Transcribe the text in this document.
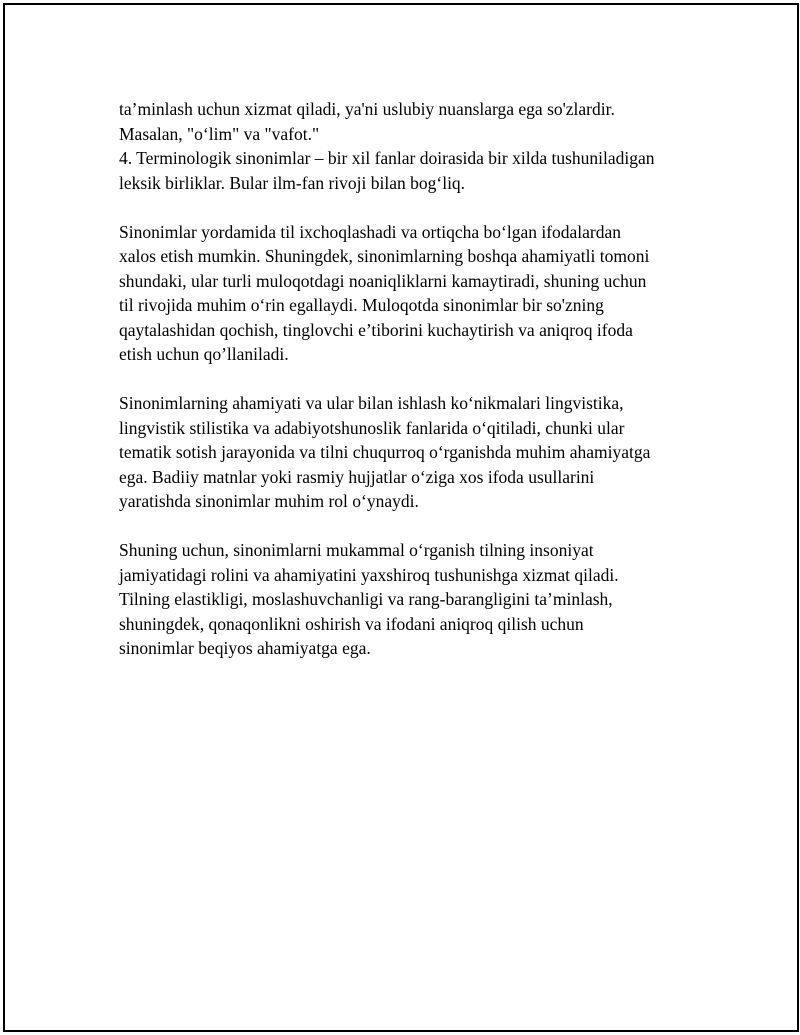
ta’minlash uchun xizmat qiladi, ya'ni uslubiy nuanslarga ega so'zlardir.
Masalan, "o‘lim" va "vafot."
4. Terminologik sinonimlar – bir xil fanlar doirasida bir xilda tushuniladigan
leksik birliklar. Bular ilm-fan rivoji bilan bog‘liq.

Sinonimlar yordamida til ixchoqlashadi va ortiqcha bo‘lgan ifodalardan
xalos etish mumkin. Shuningdek, sinonimlarning boshqa ahamiyatli tomoni
shundaki, ular turli muloqotdagi noaniqliklarni kamaytiradi, shuning uchun
til rivojida muhim o‘rin egallaydi. Muloqotda sinonimlar bir so'zning
qaytalashidan qochish, tinglovchi e’tiborini kuchaytirish va aniqroq ifoda
etish uchun qo’llaniladi.

Sinonimlarning ahamiyati va ular bilan ishlash ko‘nikmalari lingvistika,
lingvistik stilistika va adabiyotshunoslik fanlarida o‘qitiladi, chunki ular
tematik sotish jarayonida va tilni chuqurroq o‘rganishda muhim ahamiyatga
ega. Badiiy matnlar yoki rasmiy hujjatlar o‘ziga xos ifoda usullarini
yaratishda sinonimlar muhim rol o‘ynaydi.

Shuning uchun, sinonimlarni mukammal o‘rganish tilning insoniyat
jamiyatidagi rolini va ahamiyatini yaxshiroq tushunishga xizmat qiladi.
Tilning elastikligi, moslashuvchanligi va rang-barangligini ta’minlash,
shuningdek, qonaqonlikni oshirish va ifodani aniqroq qilish uchun
sinonimlar beqiyos ahamiyatga ega.
